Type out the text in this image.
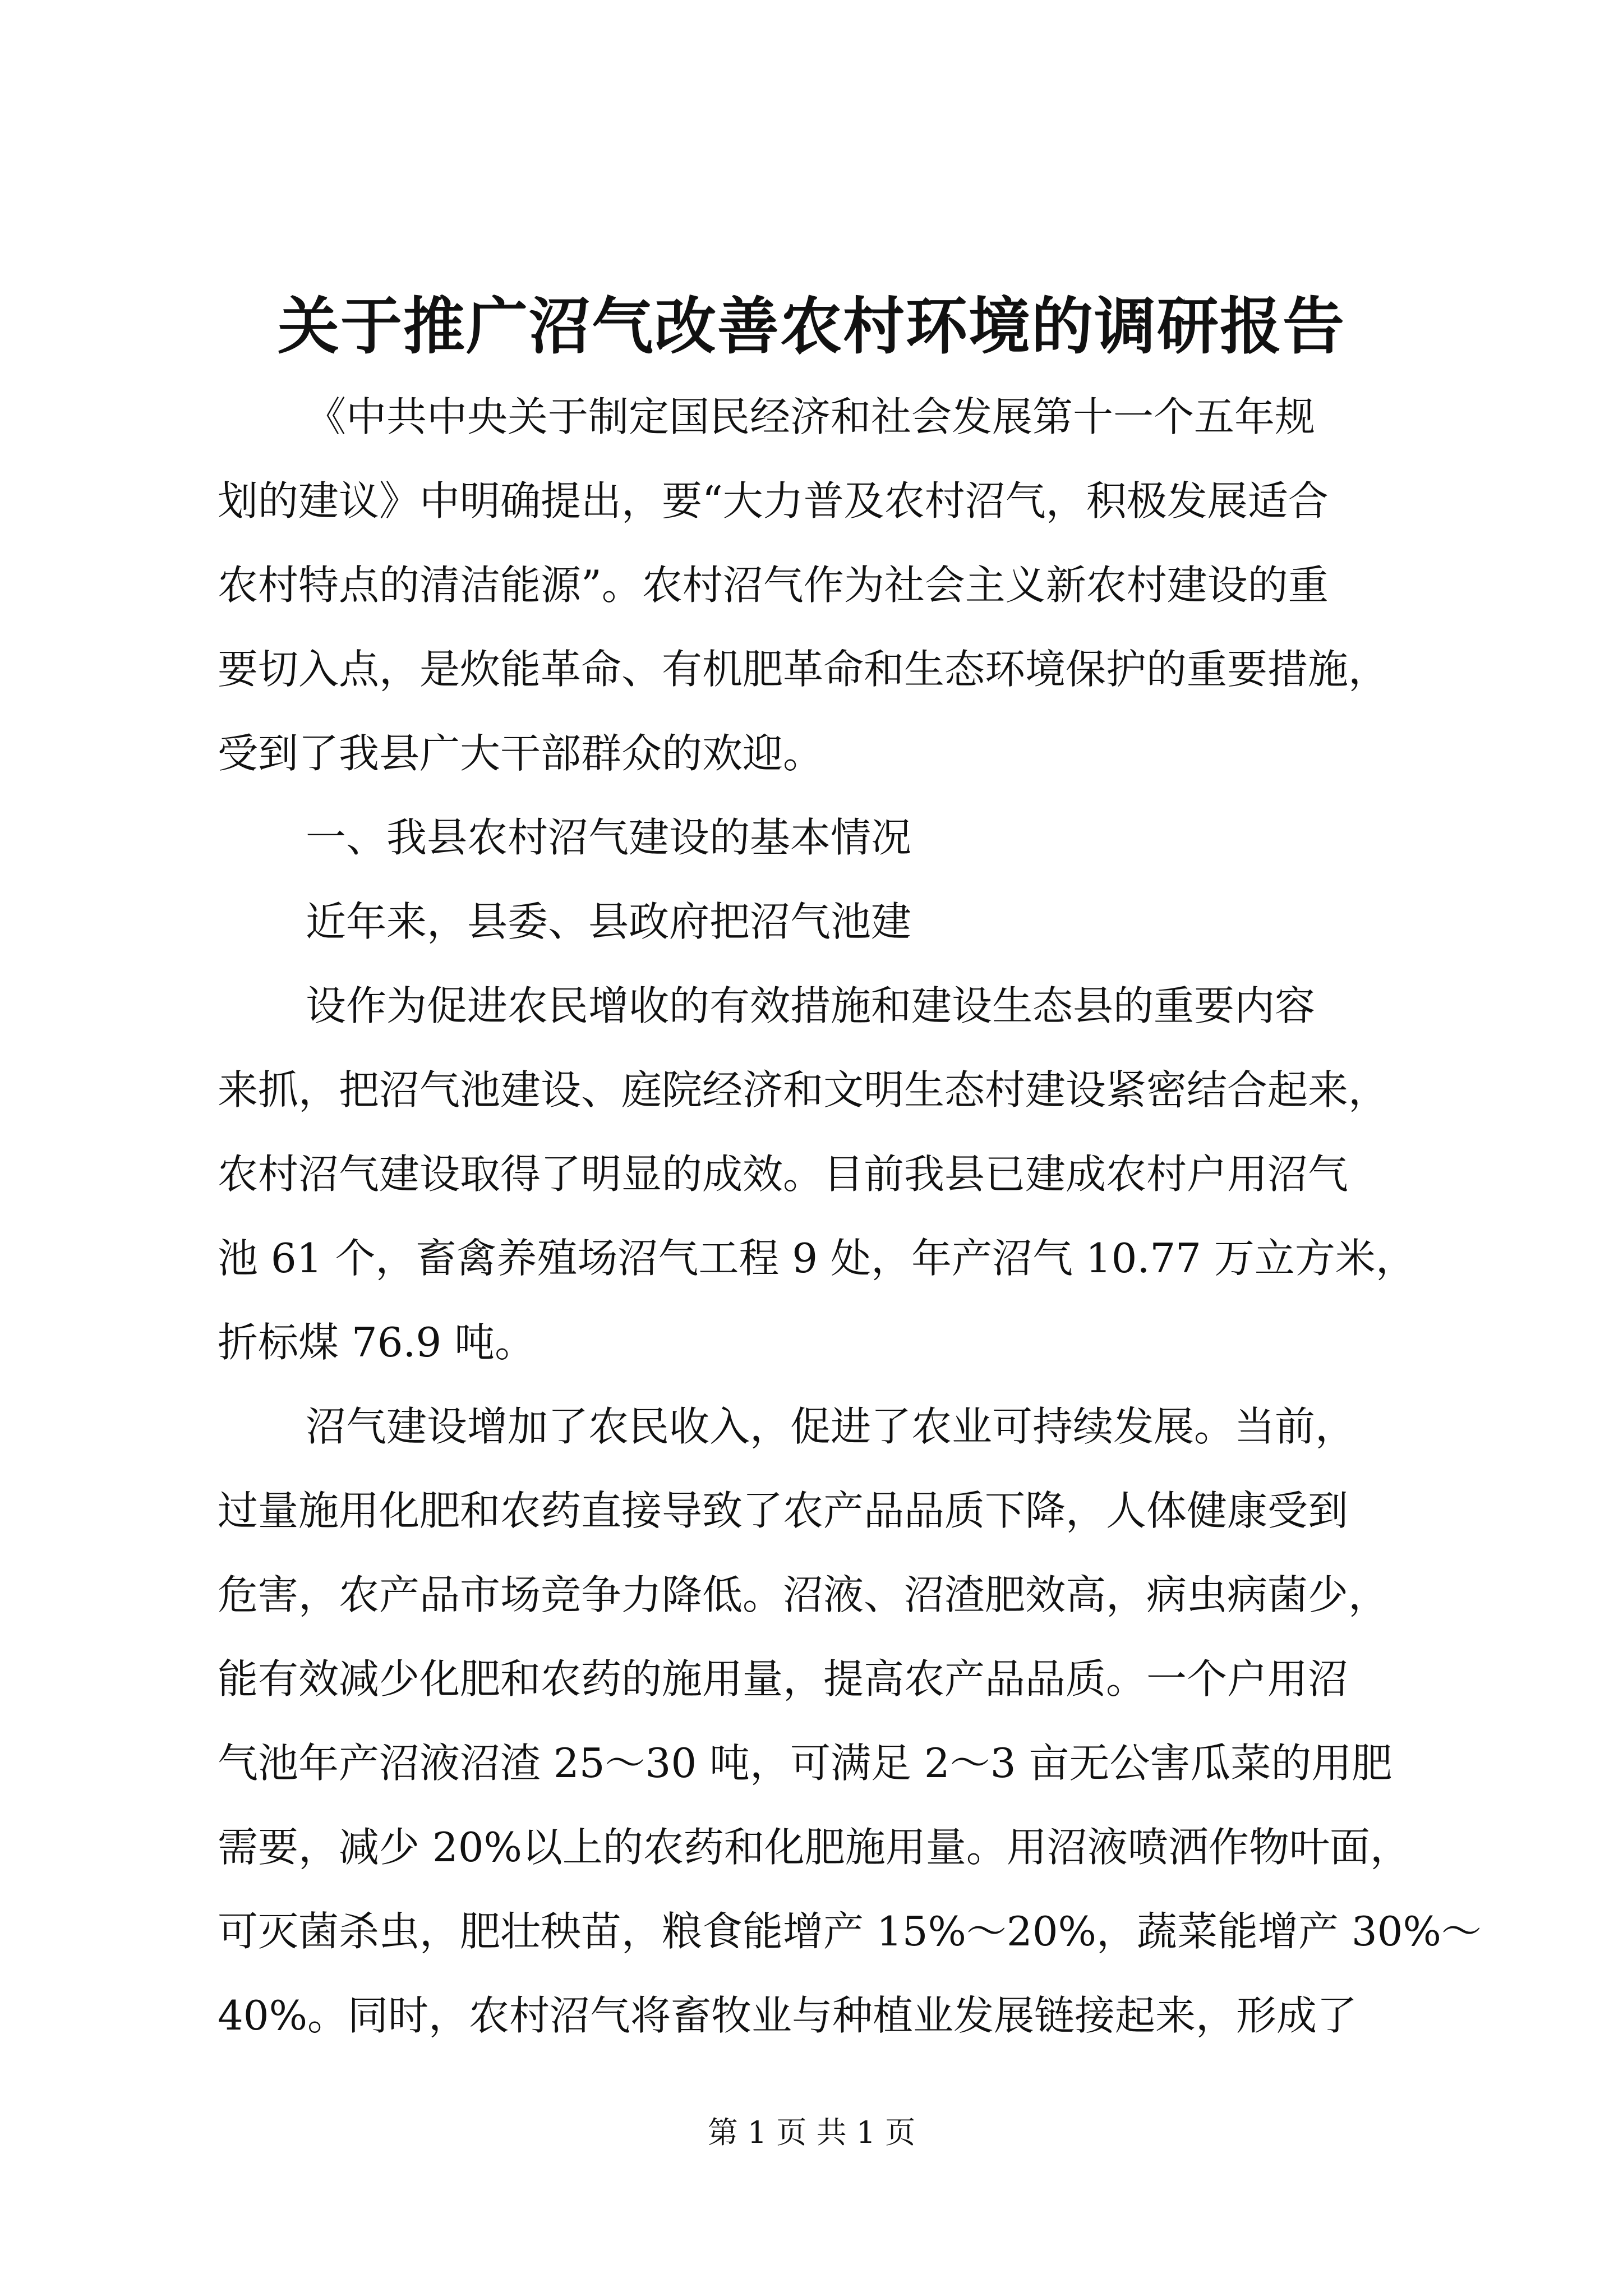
关于推广沼气改善农村环境的调研报告
《中共中央关于制定国民经济和社会发展第十一个五年规
划的建议》中明确提出，要“大力普及农村沼气，积极发展适合
农村特点的清洁能源”。农村沼气作为社会主义新农村建设的重
要切入点，是炊能革命、有机肥革命和生态环境保护的重要措施，
受到了我县广大干部群众的欢迎。
一、我县农村沼气建设的基本情况
近年来，县委、县政府把沼气池建
设作为促进农民增收的有效措施和建设生态县的重要内容
来抓，把沼气池建设、庭院经济和文明生态村建设紧密结合起来，
农村沼气建设取得了明显的成效。目前我县已建成农村户用沼气
池 61 个，畜禽养殖场沼气工程 9 处，年产沼气 10.77 万立方米，
折标煤 76.9 吨。
沼气建设增加了农民收入，促进了农业可持续发展。当前，
过量施用化肥和农药直接导致了农产品品质下降，人体健康受到
危害，农产品市场竞争力降低。沼液、沼渣肥效高，病虫病菌少，
能有效减少化肥和农药的施用量，提高农产品品质。一个户用沼
气池年产沼液沼渣 25～30 吨，可满足 2～3 亩无公害瓜菜的用肥
需要，减少 20%以上的农药和化肥施用量。用沼液喷洒作物叶面，
可灭菌杀虫，肥壮秧苗，粮食能增产 15%～20%，蔬菜能增产 30%～
40%。同时，农村沼气将畜牧业与种植业发展链接起来，形成了
第 1 页 共 1 页
